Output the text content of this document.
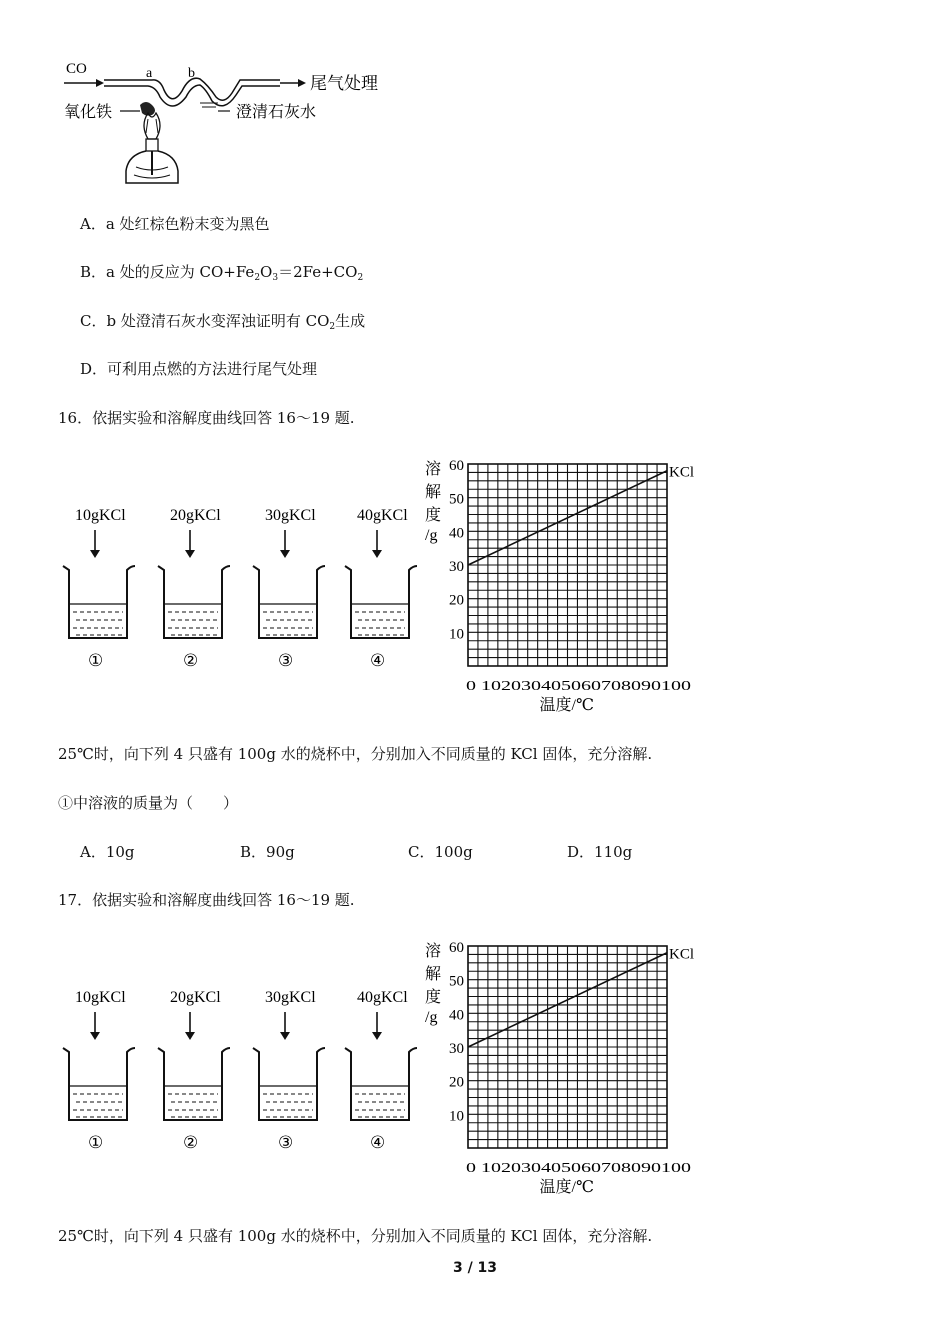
CO	a	b
尾气处理
氧化铁	澄清石灰水
A．a 处红棕色粉末变为黑色
B．a 处的反应为 $CO+Fe_2O_3=2Fe+CO_2$
C．b 处澄清石灰水变浑浊证明有 $CO_2$生成
D．可利用点燃的方法进行尾气处理
16．依据实验和溶解度曲线回答 16～19 题.
10gKCl
①
20gKCl
②
30gKCl
③
40gKCl
④
溶
解
度
/g
10
20
30
40
50
60
0 102030405060708090100
温度/℃
KCl
25℃时，向下列 4 只盛有 100g 水的烧杯中，分别加入不同质量的 KCl 固体，充分溶解.
①中溶液的质量为（　　）
A．10g	B．90g	C．100g	D．110g
17．依据实验和溶解度曲线回答 16～19 题.
10gKCl
①
20gKCl
②
30gKCl
③
40gKCl
④
溶
解
度
/g
10
20
30
40
50
60
0 102030405060708090100
温度/℃
KCl
25℃时，向下列 4 只盛有 100g 水的烧杯中，分别加入不同质量的 KCl 固体，充分溶解.
3 / 13
